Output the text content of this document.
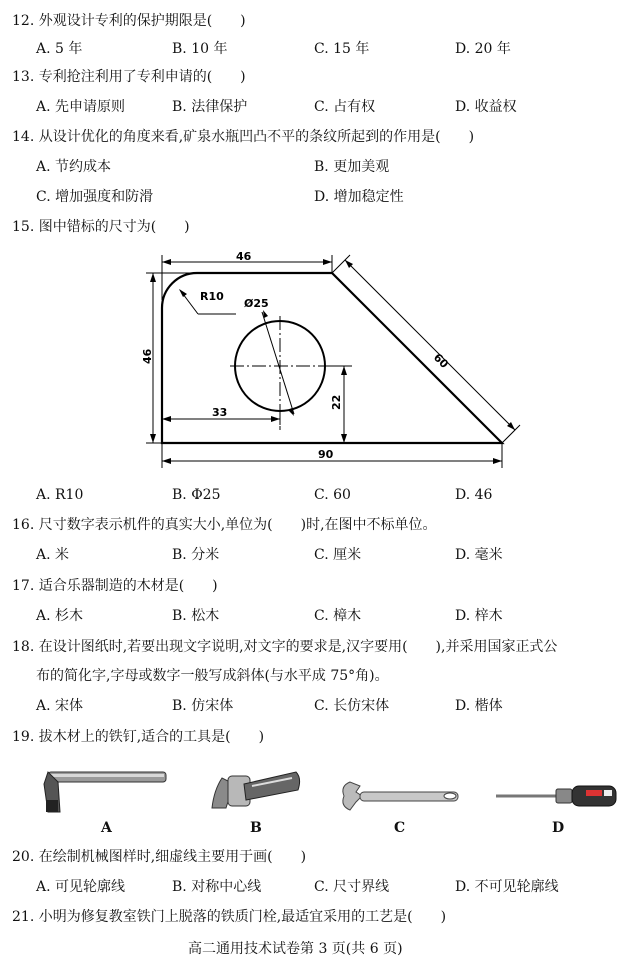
12. 外观设计专利的保护期限是(　　)
A. 5 年	B. 10 年	C. 15 年	D. 20 年
13. 专利抢注利用了专利申请的(　　)
A. 先申请原则	B. 法律保护	C. 占有权	D. 收益权
14. 从设计优化的角度来看,矿泉水瓶凹凸不平的条纹所起到的作用是(　　)
A. 节约成本	B. 更加美观
C. 增加强度和防滑	D. 增加稳定性
15. 图中错标的尺寸为(　　)
46
R10
Ø25
60
46
33
22
90
A. R10	B. Φ25	C. 60	D. 46
16. 尺寸数字表示机件的真实大小,单位为(　　)时,在图中不标单位。
A. 米	B. 分米	C. 厘米	D. 毫米
17. 适合乐器制造的木材是(　　)
A. 杉木	B. 松木	C. 樟木	D. 梓木
18. 在设计图纸时,若要出现文字说明,对文字的要求是,汉字要用(　　),并采用国家正式公
布的简化字,字母或数字一般写成斜体(与水平成 75°角)。
A. 宋体	B. 仿宋体	C. 长仿宋体	D. 楷体
19. 拔木材上的铁钉,适合的工具是(　　)
A	B	C	D
20. 在绘制机械图样时,细虚线主要用于画(　　)
A. 可见轮廓线	B. 对称中心线	C. 尺寸界线	D. 不可见轮廓线
21. 小明为修复教室铁门上脱落的铁质门栓,最适宜采用的工艺是(　　)
高二通用技术试卷第 3 页(共 6 页)
